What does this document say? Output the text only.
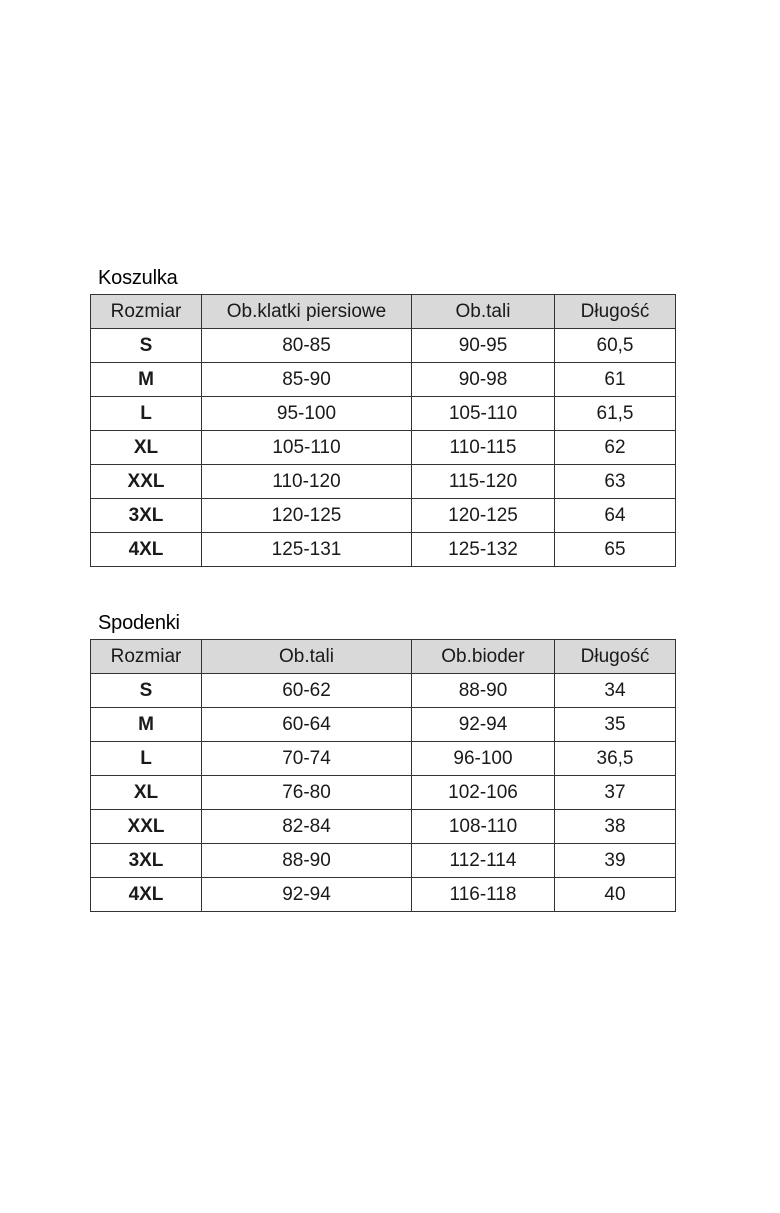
Koszulka
Rozmiar	Ob.klatki piersiowe	Ob.tali	Długość
S	80-85	90-95	60,5
M	85-90	90-98	61
L	95-100	105-110	61,5
XL	105-110	110-115	62
XXL	110-120	115-120	63
3XL	120-125	120-125	64
4XL	125-131	125-132	65
Spodenki
Rozmiar	Ob.tali	Ob.bioder	Długość
S	60-62	88-90	34
M	60-64	92-94	35
L	70-74	96-100	36,5
XL	76-80	102-106	37
XXL	82-84	108-110	38
3XL	88-90	112-114	39
4XL	92-94	116-118	40
